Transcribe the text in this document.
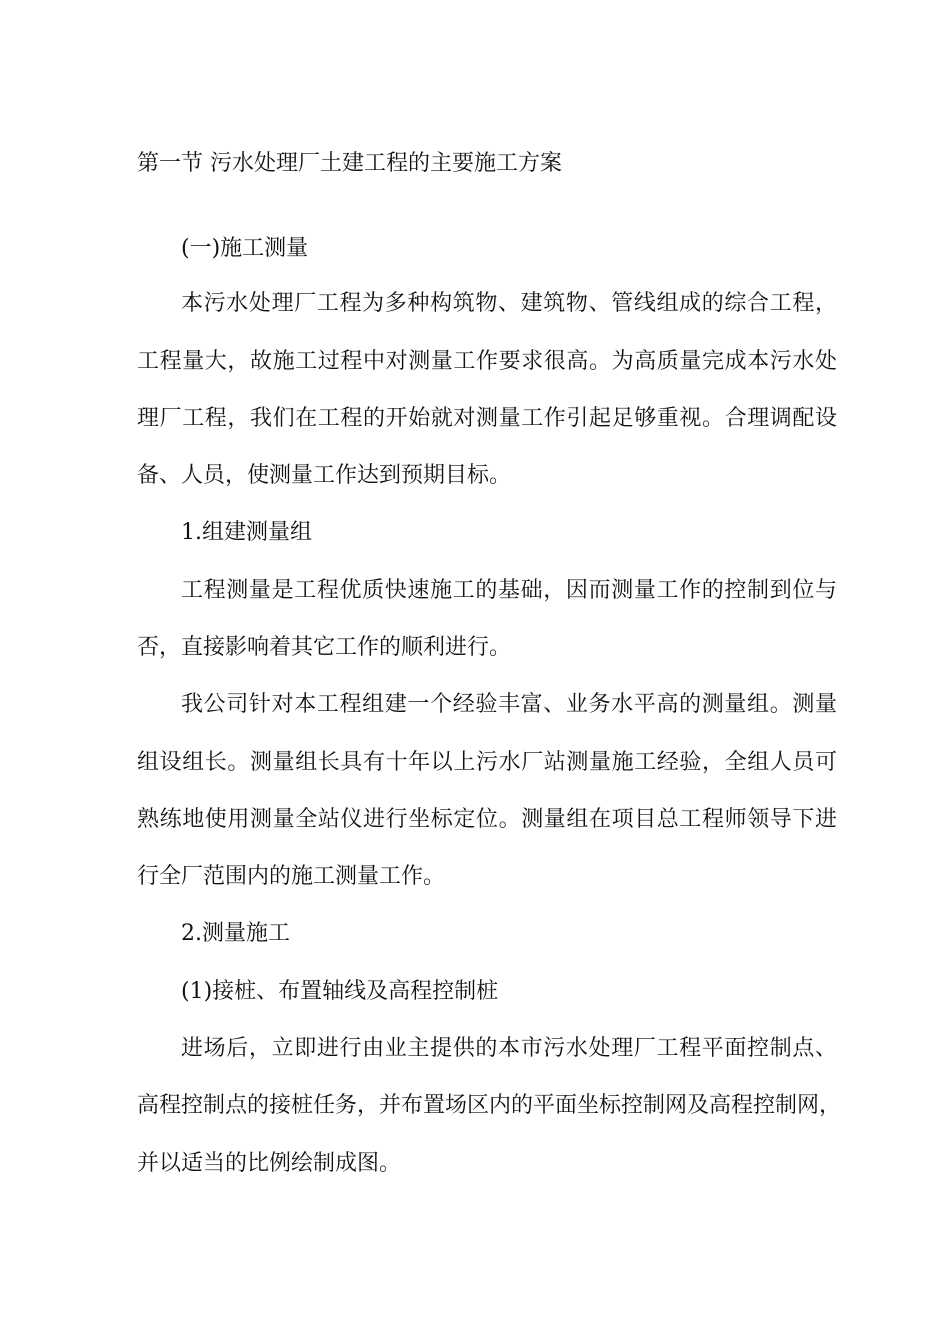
第一节 污水处理厂土建工程的主要施工方案
(一)施工测量
本污水处理厂工程为多种构筑物、建筑物、管线组成的综合工程，
工程量大，故施工过程中对测量工作要求很高。为高质量完成本污水处
理厂工程，我们在工程的开始就对测量工作引起足够重视。合理调配设
备、人员，使测量工作达到预期目标。
1.组建测量组
工程测量是工程优质快速施工的基础，因而测量工作的控制到位与
否，直接影响着其它工作的顺利进行。
我公司针对本工程组建一个经验丰富、业务水平高的测量组。测量
组设组长。测量组长具有十年以上污水厂站测量施工经验，全组人员可
熟练地使用测量全站仪进行坐标定位。测量组在项目总工程师领导下进
行全厂范围内的施工测量工作。
2.测量施工
(1)接桩、布置轴线及高程控制桩
进场后，立即进行由业主提供的本市污水处理厂工程平面控制点、
高程控制点的接桩任务，并布置场区内的平面坐标控制网及高程控制网，
并以适当的比例绘制成图。
